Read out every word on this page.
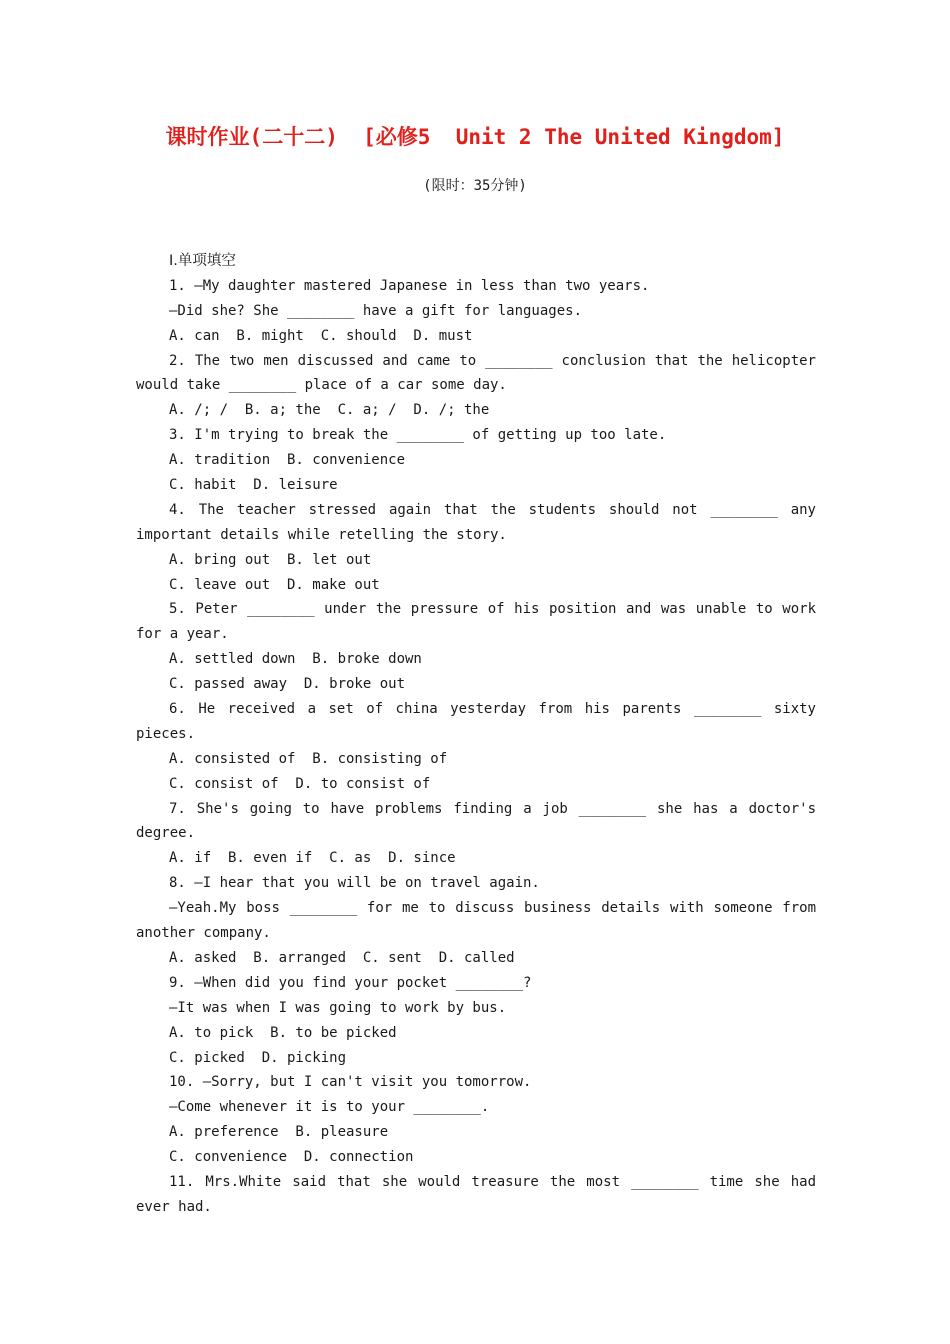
课时作业(二十二)  [必修5  Unit 2 The United Kingdom]
(限时：35分钟)
Ⅰ.单项填空
1. —My daughter mastered Japanese in less than two years.
—Did she? She ________ have a gift for languages.
A. can  B. might  C. should  D. must
2. The two men discussed and came to ________ conclusion that the helicopter
would take ________ place of a car some day.
A. /; /  B. a; the  C. a; /  D. /; the
3. I'm trying to break the ________ of getting up too late.
A. tradition  B. convenience
C. habit  D. leisure
4. The teacher stressed again that the students should not ________ any
important details while retelling the story.
A. bring out  B. let out
C. leave out  D. make out
5. Peter ________ under the pressure of his position and was unable to work
for a year.
A. settled down  B. broke down
C. passed away  D. broke out
6. He received a set of china yesterday from his parents ________ sixty
pieces.
A. consisted of  B. consisting of
C. consist of  D. to consist of
7. She's going to have problems finding a job ________ she has a doctor's
degree.
A. if  B. even if  C. as  D. since
8. —I hear that you will be on travel again.
—Yeah.My boss ________ for me to discuss business details with someone from
another company.
A. asked  B. arranged  C. sent  D. called
9. —When did you find your pocket ________?
—It was when I was going to work by bus.
A. to pick  B. to be picked
C. picked  D. picking
10. —Sorry, but I can't visit you tomorrow.
—Come whenever it is to your ________.
A. preference  B. pleasure
C. convenience  D. connection
11. Mrs.White said that she would treasure the most ________ time she had
ever had.
